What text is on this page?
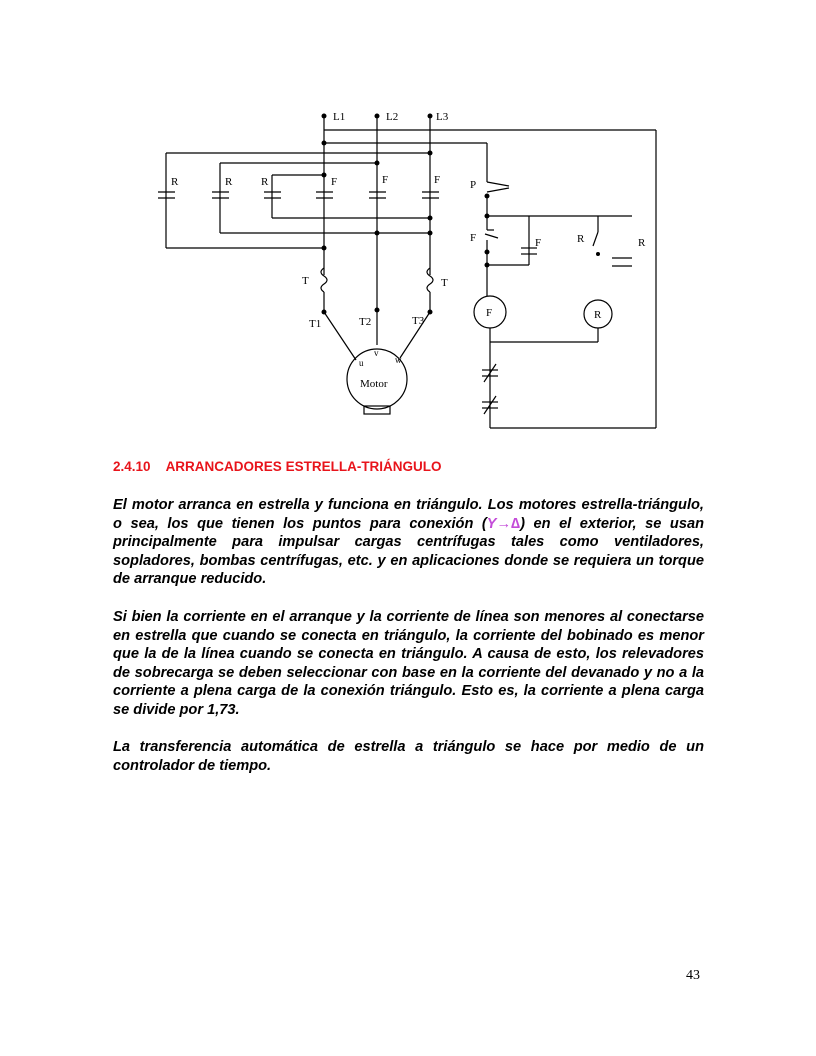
L1	L2	L3
R	R	R	F	F	F
T	T
T1	T2	T3
Motor
u
v
w
P
F	F	R	R
F	R
2.4.10 ARRANCADORES ESTRELLA-TRIÁNGULO

El motor arranca en estrella y funciona en triángulo. Los motores estrella-triángulo, o sea, los que tienen los puntos para conexión (Y→∆) en el exterior, se usan principalmente para impulsar cargas centrífugas tales como ventiladores, sopladores, bombas centrífugas, etc. y en aplicaciones donde se requiera un torque de arranque reducido.

Si bien la corriente en el arranque y la corriente de línea son menores al conectarse en estrella que cuando se conecta en triángulo, la corriente del bobinado es menor que la de la línea cuando se conecta en triángulo. A causa de esto, los relevadores de sobrecarga se deben seleccionar con base en la corriente del devanado y no a la corriente a plena carga de la conexión triángulo. Esto es, la corriente a plena carga se divide por 1,73.

La transferencia automática de estrella a triángulo se hace por medio de un controlador de tiempo.

43
